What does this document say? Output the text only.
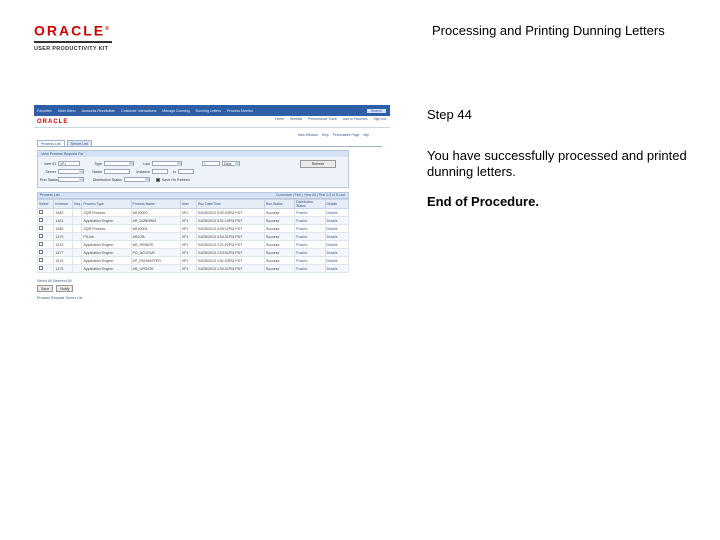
ORACLE®
USER PRODUCTIVITY KIT
Processing and Printing Dunning Letters
Favorites Main Menu Accounts Receivable Customer Interactions Manage Dunning Dunning Letters Process Monitor	Search
ORACLE	Home Worklist Performance Trace Add to Favorites Sign out
New Window Help Personalize Page http
Process List	Server List
View Process Request For
User ID	VP1	Type	Last	1	Days
Server	Name	Instance	to
Run Status	Distribution Status	Save On Refresh
Refresh
Process List	Customize | Find | View All | First 1-8 of 8 Last
Select	Instance	Seq.	Process Type	Process Name	User	Run Date/Time	Run Status	Distribution Status	Details
	1482		SQR Process	AR30000	VP1	04/26/2013 5:02:03PM PDT	Success	Posted	Details
	1481		Application Engine	AR_DUNNING	VP1	04/26/2013 5:01:19PM PDT	Success	Posted	Details
	1480		SQR Process	AR30004	VP1	04/26/2013 4:55:12PM PDT	Success	Posted	Details
	1479		PSJob	ARJOB	VP1	04/26/2013 4:54:31PM PDT	Success	Posted	Details
	1478		Application Engine	AR_REBATE	VP1	04/26/2013 1:21:02PM PDT	Success	Posted	Details
	1477		Application Engine	PO_ACCRUE	VP1	04/26/2013 1:03:51PM PDT	Success	Posted	Details
	1476		Application Engine	EP_PAYMASTER	VP1	04/26/2013 1:01:03PM PDT	Success	Posted	Details
	1475		Application Engine	AR_UPDATE	VP1	04/26/2013 1:00:41PM PDT	Success	Posted	Details
Select All Deselect All
Save	Notify
Process Request Server List
Step 44
You have successfully processed and printed dunning letters.
End of Procedure.
